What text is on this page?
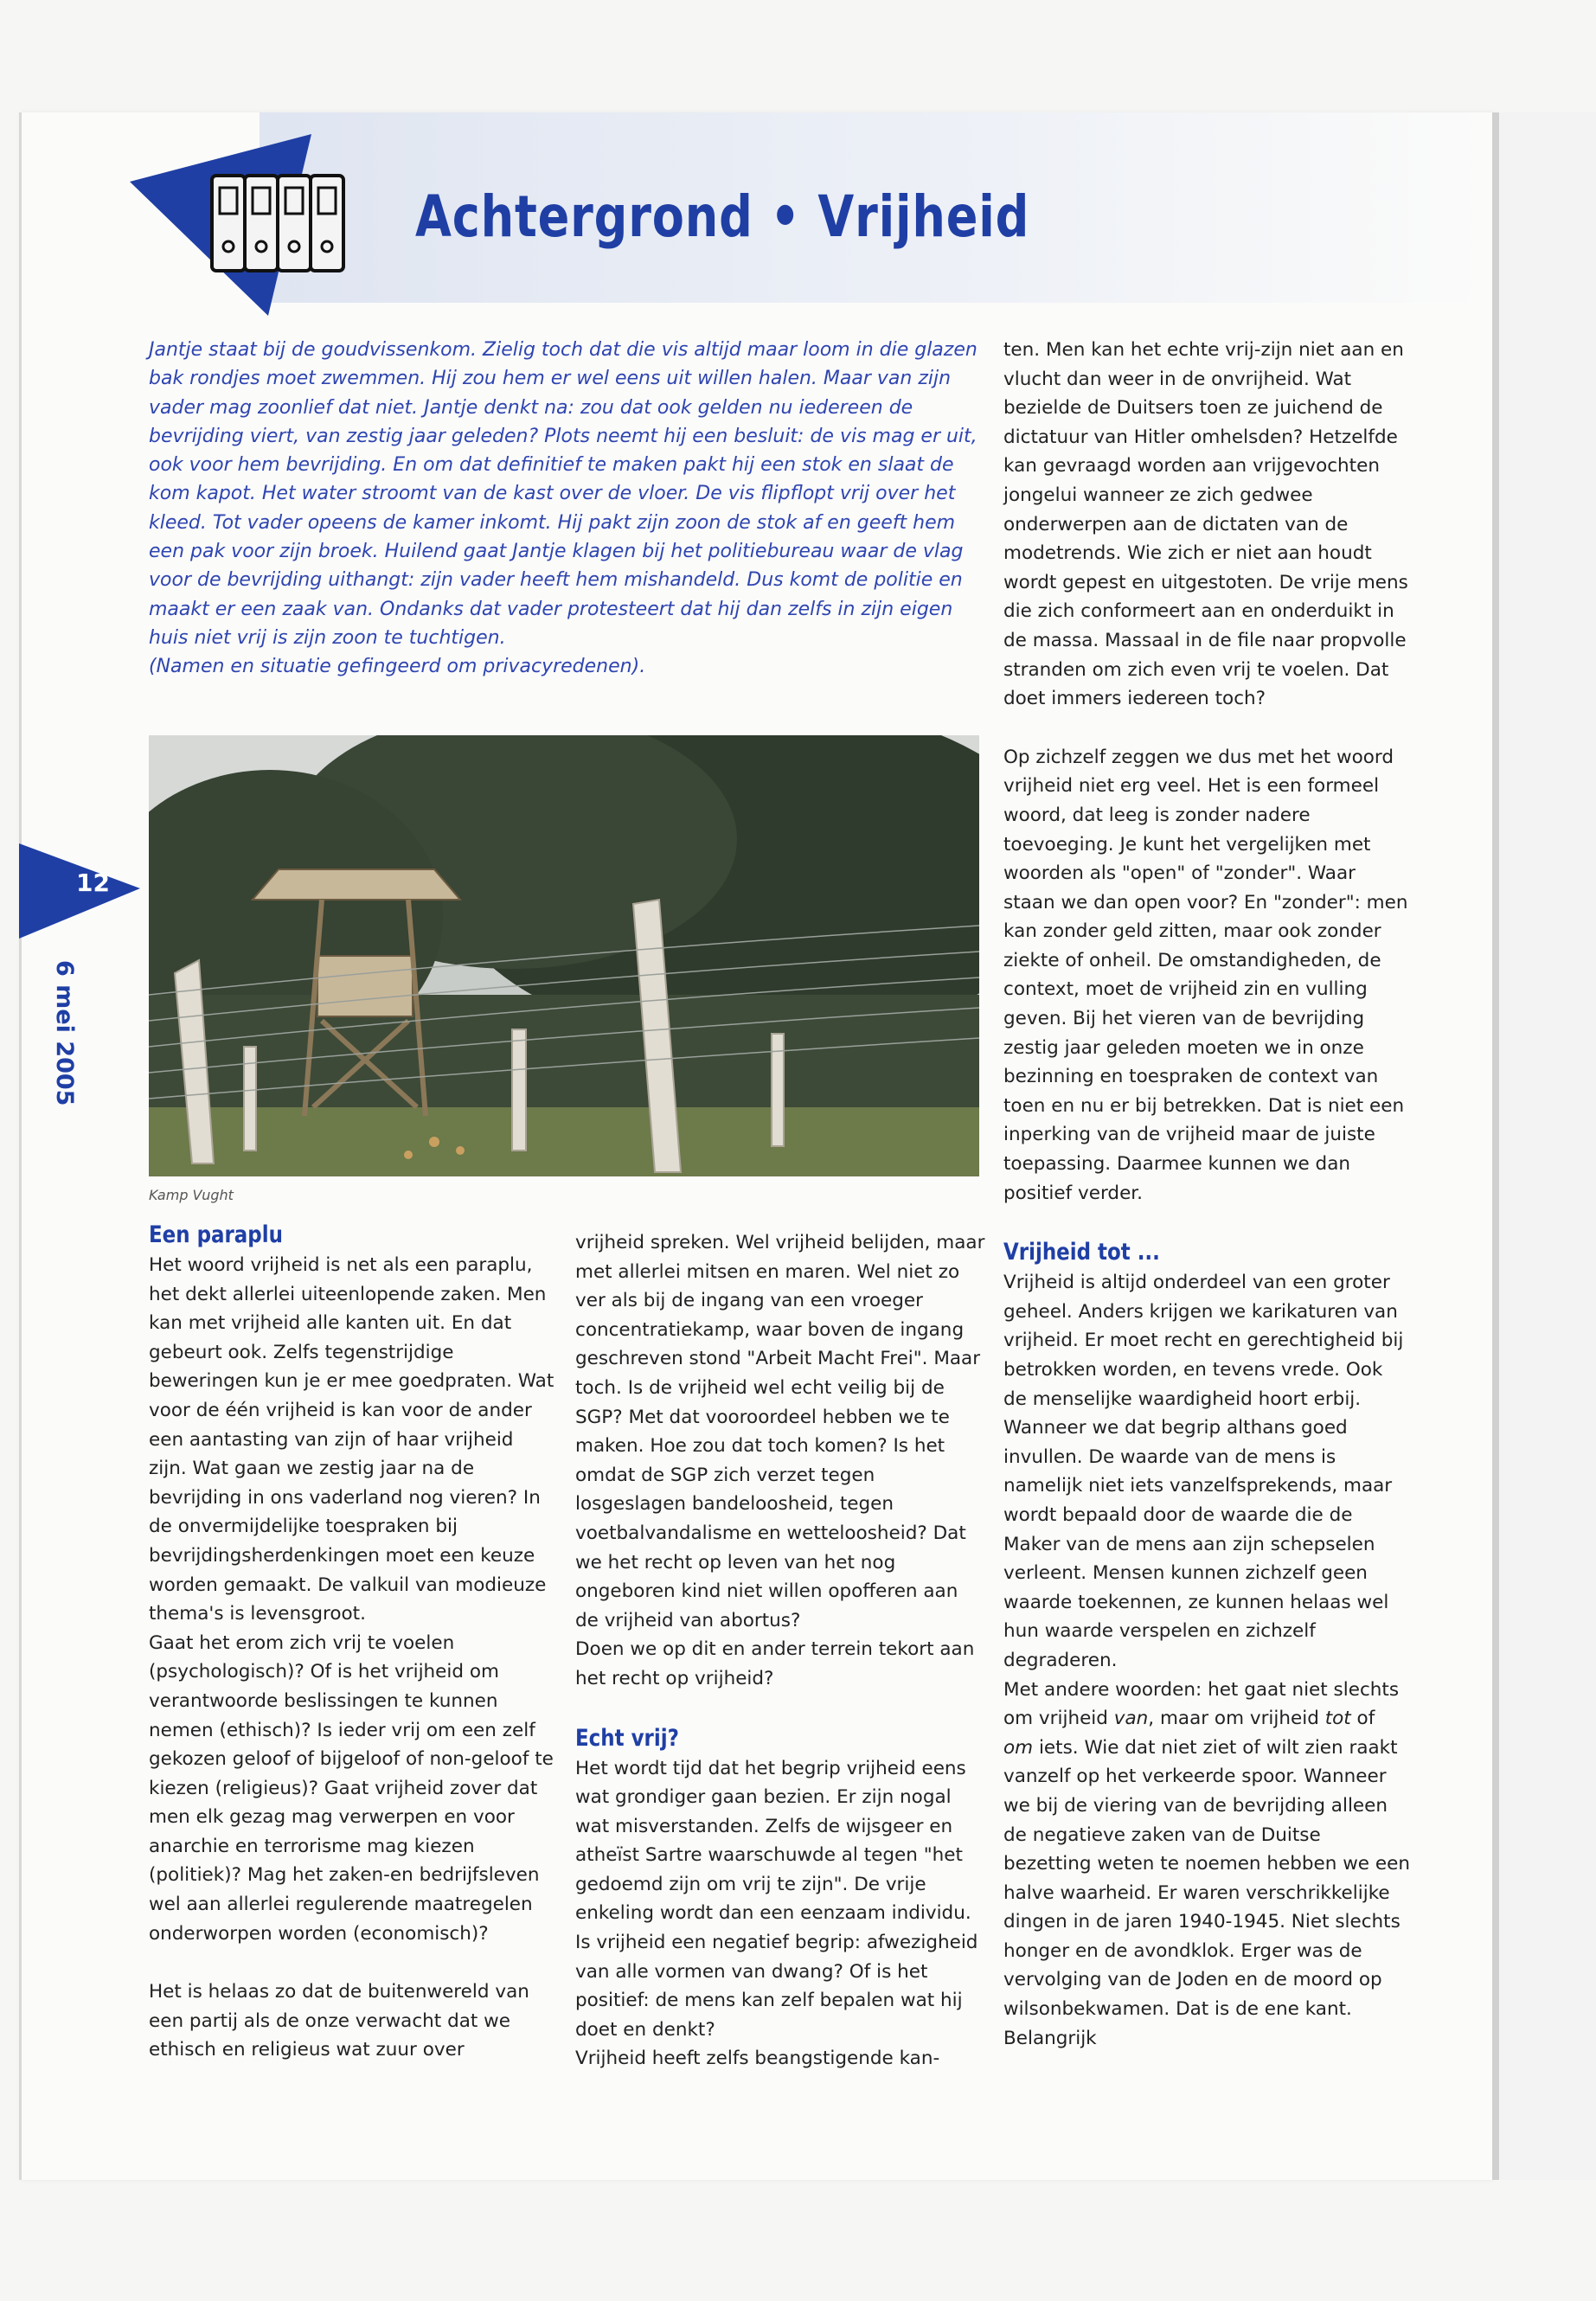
Achtergrond • Vrijheid

Jantje staat bij de goudvissenkom. Zielig toch dat die vis altijd maar loom in die glazen bak rondjes moet zwemmen. Hij zou hem er wel eens uit willen halen. Maar van zijn vader mag zoonlief dat niet. Jantje denkt na: zou dat ook gelden nu iedereen de bevrijding viert, van zestig jaar geleden? Plots neemt hij een besluit: de vis mag er uit, ook voor hem bevrijding. En om dat definitief te maken pakt hij een stok en slaat de kom kapot. Het water stroomt van de kast over de vloer. De vis flipflopt vrij over het kleed. Tot vader opeens de kamer inkomt. Hij pakt zijn zoon de stok af en geeft hem een pak voor zijn broek. Huilend gaat Jantje klagen bij het politiebureau waar de vlag voor de bevrijding uithangt: zijn vader heeft hem mishandeld. Dus komt de politie en maakt er een zaak van. Ondanks dat vader protesteert dat hij dan zelfs in zijn eigen huis niet vrij is zijn zoon te tuchtigen.

(Namen en situatie gefingeerd om privacyredenen).

Kamp Vught
12
6 mei 2005

ten. Men kan het echte vrij-zijn niet aan en vlucht dan weer in de onvrijheid. Wat bezielde de Duitsers toen ze juichend de dictatuur van Hitler omhelsden? Hetzelfde kan gevraagd worden aan vrijgevochten jongelui wanneer ze zich gedwee onderwerpen aan de dictaten van de modetrends. Wie zich er niet aan houdt wordt gepest en uitgestoten. De vrije mens die zich conformeert aan en onderduikt in de massa. Massaal in de file naar propvolle stranden om zich even vrij te voelen. Dat doet immers iedereen toch?

Op zichzelf zeggen we dus met het woord vrijheid niet erg veel. Het is een formeel woord, dat leeg is zonder nadere toevoeging. Je kunt het vergelijken met woorden als "open" of "zonder". Waar staan we dan open voor? En "zonder": men kan zonder geld zitten, maar ook zonder ziekte of onheil. De omstandigheden, de context, moet de vrijheid zin en vulling geven. Bij het vieren van de bevrijding zestig jaar geleden moeten we in onze bezinning en toespraken de context van toen en nu er bij betrekken. Dat is niet een inperking van de vrijheid maar de juiste toepassing. Daarmee kunnen we dan positief verder.

Vrijheid tot ...

Vrijheid is altijd onderdeel van een groter geheel. Anders krijgen we karikaturen van vrijheid. Er moet recht en gerechtigheid bij betrokken worden, en tevens vrede. Ook de menselijke waardigheid hoort erbij. Wanneer we dat begrip althans goed invullen. De waarde van de mens is namelijk niet iets vanzelfsprekends, maar wordt bepaald door de waarde die de Maker van de mens aan zijn schepselen verleent. Mensen kunnen zichzelf geen waarde toekennen, ze kunnen helaas wel hun waarde verspelen en zichzelf degraderen.

Met andere woorden: het gaat niet slechts om vrijheid van, maar om vrijheid tot of om iets. Wie dat niet ziet of wilt zien raakt vanzelf op het verkeerde spoor. Wanneer we bij de viering van de bevrijding alleen de negatieve zaken van de Duitse bezetting weten te noemen hebben we een halve waarheid. Er waren verschrikkelijke dingen in de jaren 1940-1945. Niet slechts honger en de avondklok. Erger was de vervolging van de Joden en de moord op wilsonbekwamen. Dat is de ene kant. Belangrijk

Een paraplu

Het woord vrijheid is net als een paraplu, het dekt allerlei uiteenlopende zaken. Men kan met vrijheid alle kanten uit. En dat gebeurt ook. Zelfs tegenstrijdige beweringen kun je er mee goedpraten. Wat voor de één vrijheid is kan voor de ander een aantasting van zijn of haar vrijheid zijn. Wat gaan we zestig jaar na de bevrijding in ons vaderland nog vieren? In de onvermijdelijke toespraken bij bevrijdingsherdenkingen moet een keuze worden gemaakt. De valkuil van modieuze thema's is levensgroot.

Gaat het erom zich vrij te voelen (psychologisch)? Of is het vrijheid om verantwoorde beslissingen te kunnen nemen (ethisch)? Is ieder vrij om een zelf gekozen geloof of bijgeloof of non-geloof te kiezen (religieus)? Gaat vrijheid zover dat men elk gezag mag verwerpen en voor anarchie en terrorisme mag kiezen (politiek)? Mag het zaken-en bedrijfsleven wel aan allerlei regulerende maatregelen onderworpen worden (economisch)?

Het is helaas zo dat de buitenwereld van een partij als de onze verwacht dat we ethisch en religieus wat zuur over

vrijheid spreken. Wel vrijheid belijden, maar met allerlei mitsen en maren. Wel niet zo ver als bij de ingang van een vroeger concentratiekamp, waar boven de ingang geschreven stond "Arbeit Macht Frei". Maar toch. Is de vrijheid wel echt veilig bij de SGP? Met dat vooroordeel hebben we te maken. Hoe zou dat toch komen? Is het omdat de SGP zich verzet tegen losgeslagen bandeloosheid, tegen voetbalvandalisme en wetteloosheid? Dat we het recht op leven van het nog ongeboren kind niet willen opofferen aan de vrijheid van abortus?

Doen we op dit en ander terrein tekort aan het recht op vrijheid?

Echt vrij?

Het wordt tijd dat het begrip vrijheid eens wat grondiger gaan bezien. Er zijn nogal wat misverstanden. Zelfs de wijsgeer en atheïst Sartre waarschuwde al tegen "het gedoemd zijn om vrij te zijn". De vrije enkeling wordt dan een eenzaam individu.

Is vrijheid een negatief begrip: afwezigheid van alle vormen van dwang? Of is het positief: de mens kan zelf bepalen wat hij doet en denkt?

Vrijheid heeft zelfs beangstigende kan-
